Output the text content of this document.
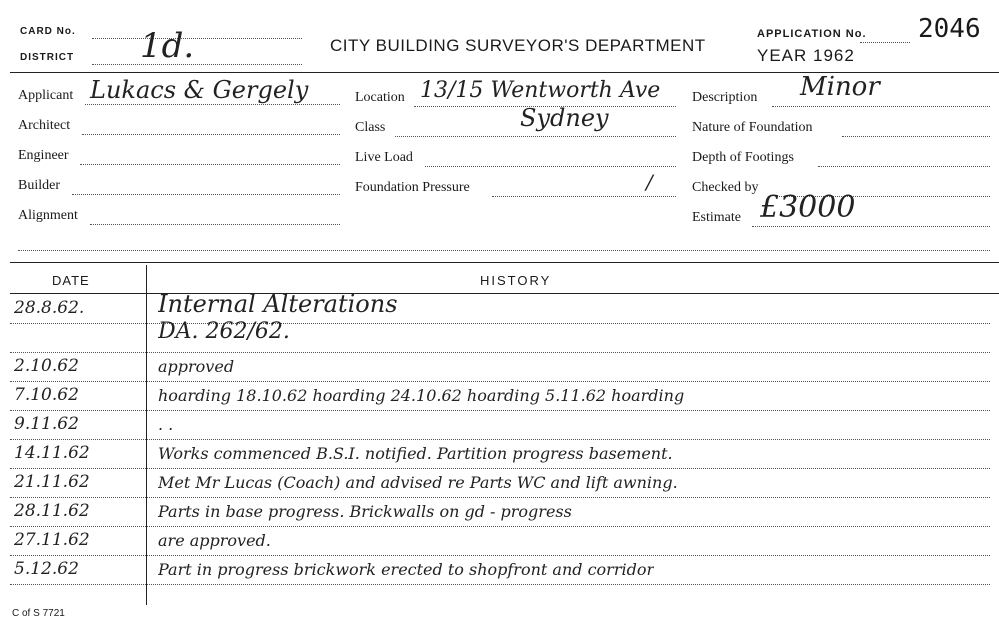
CARD No.
DISTRICT 1d.	CITY BUILDING SURVEYOR'S DEPARTMENT
APPLICATION No. 2046
YEAR 1962
Applicant Lukacs & Gergely
Architect
Engineer
Builder
Alignment
Location 13/15 Wentworth Ave
Class	Sydney
Live Load
Foundation Pressure	/
Description Minor
Nature of Foundation
Depth of Footings
Checked by
Estimate £3000
DATE	HISTORY
28.8.62.	Internal Alterations
DA. 262/62.
2.10.62	approved
7.10.62	hoarding 18.10.62 hoarding 24.10.62 hoarding 5.11.62 hoarding
9.11.62	. .
14.11.62	Works commenced B.S.I. notified. Partition progress basement.
21.11.62	Met Mr Lucas (Coach) and advised re Parts WC and lift awning.
28.11.62	Parts in base progress. Brickwalls on gd - progress
27.11.62	are approved.
5.12.62	Part in progress brickwork erected to shopfront and corridor
C of S 7721
